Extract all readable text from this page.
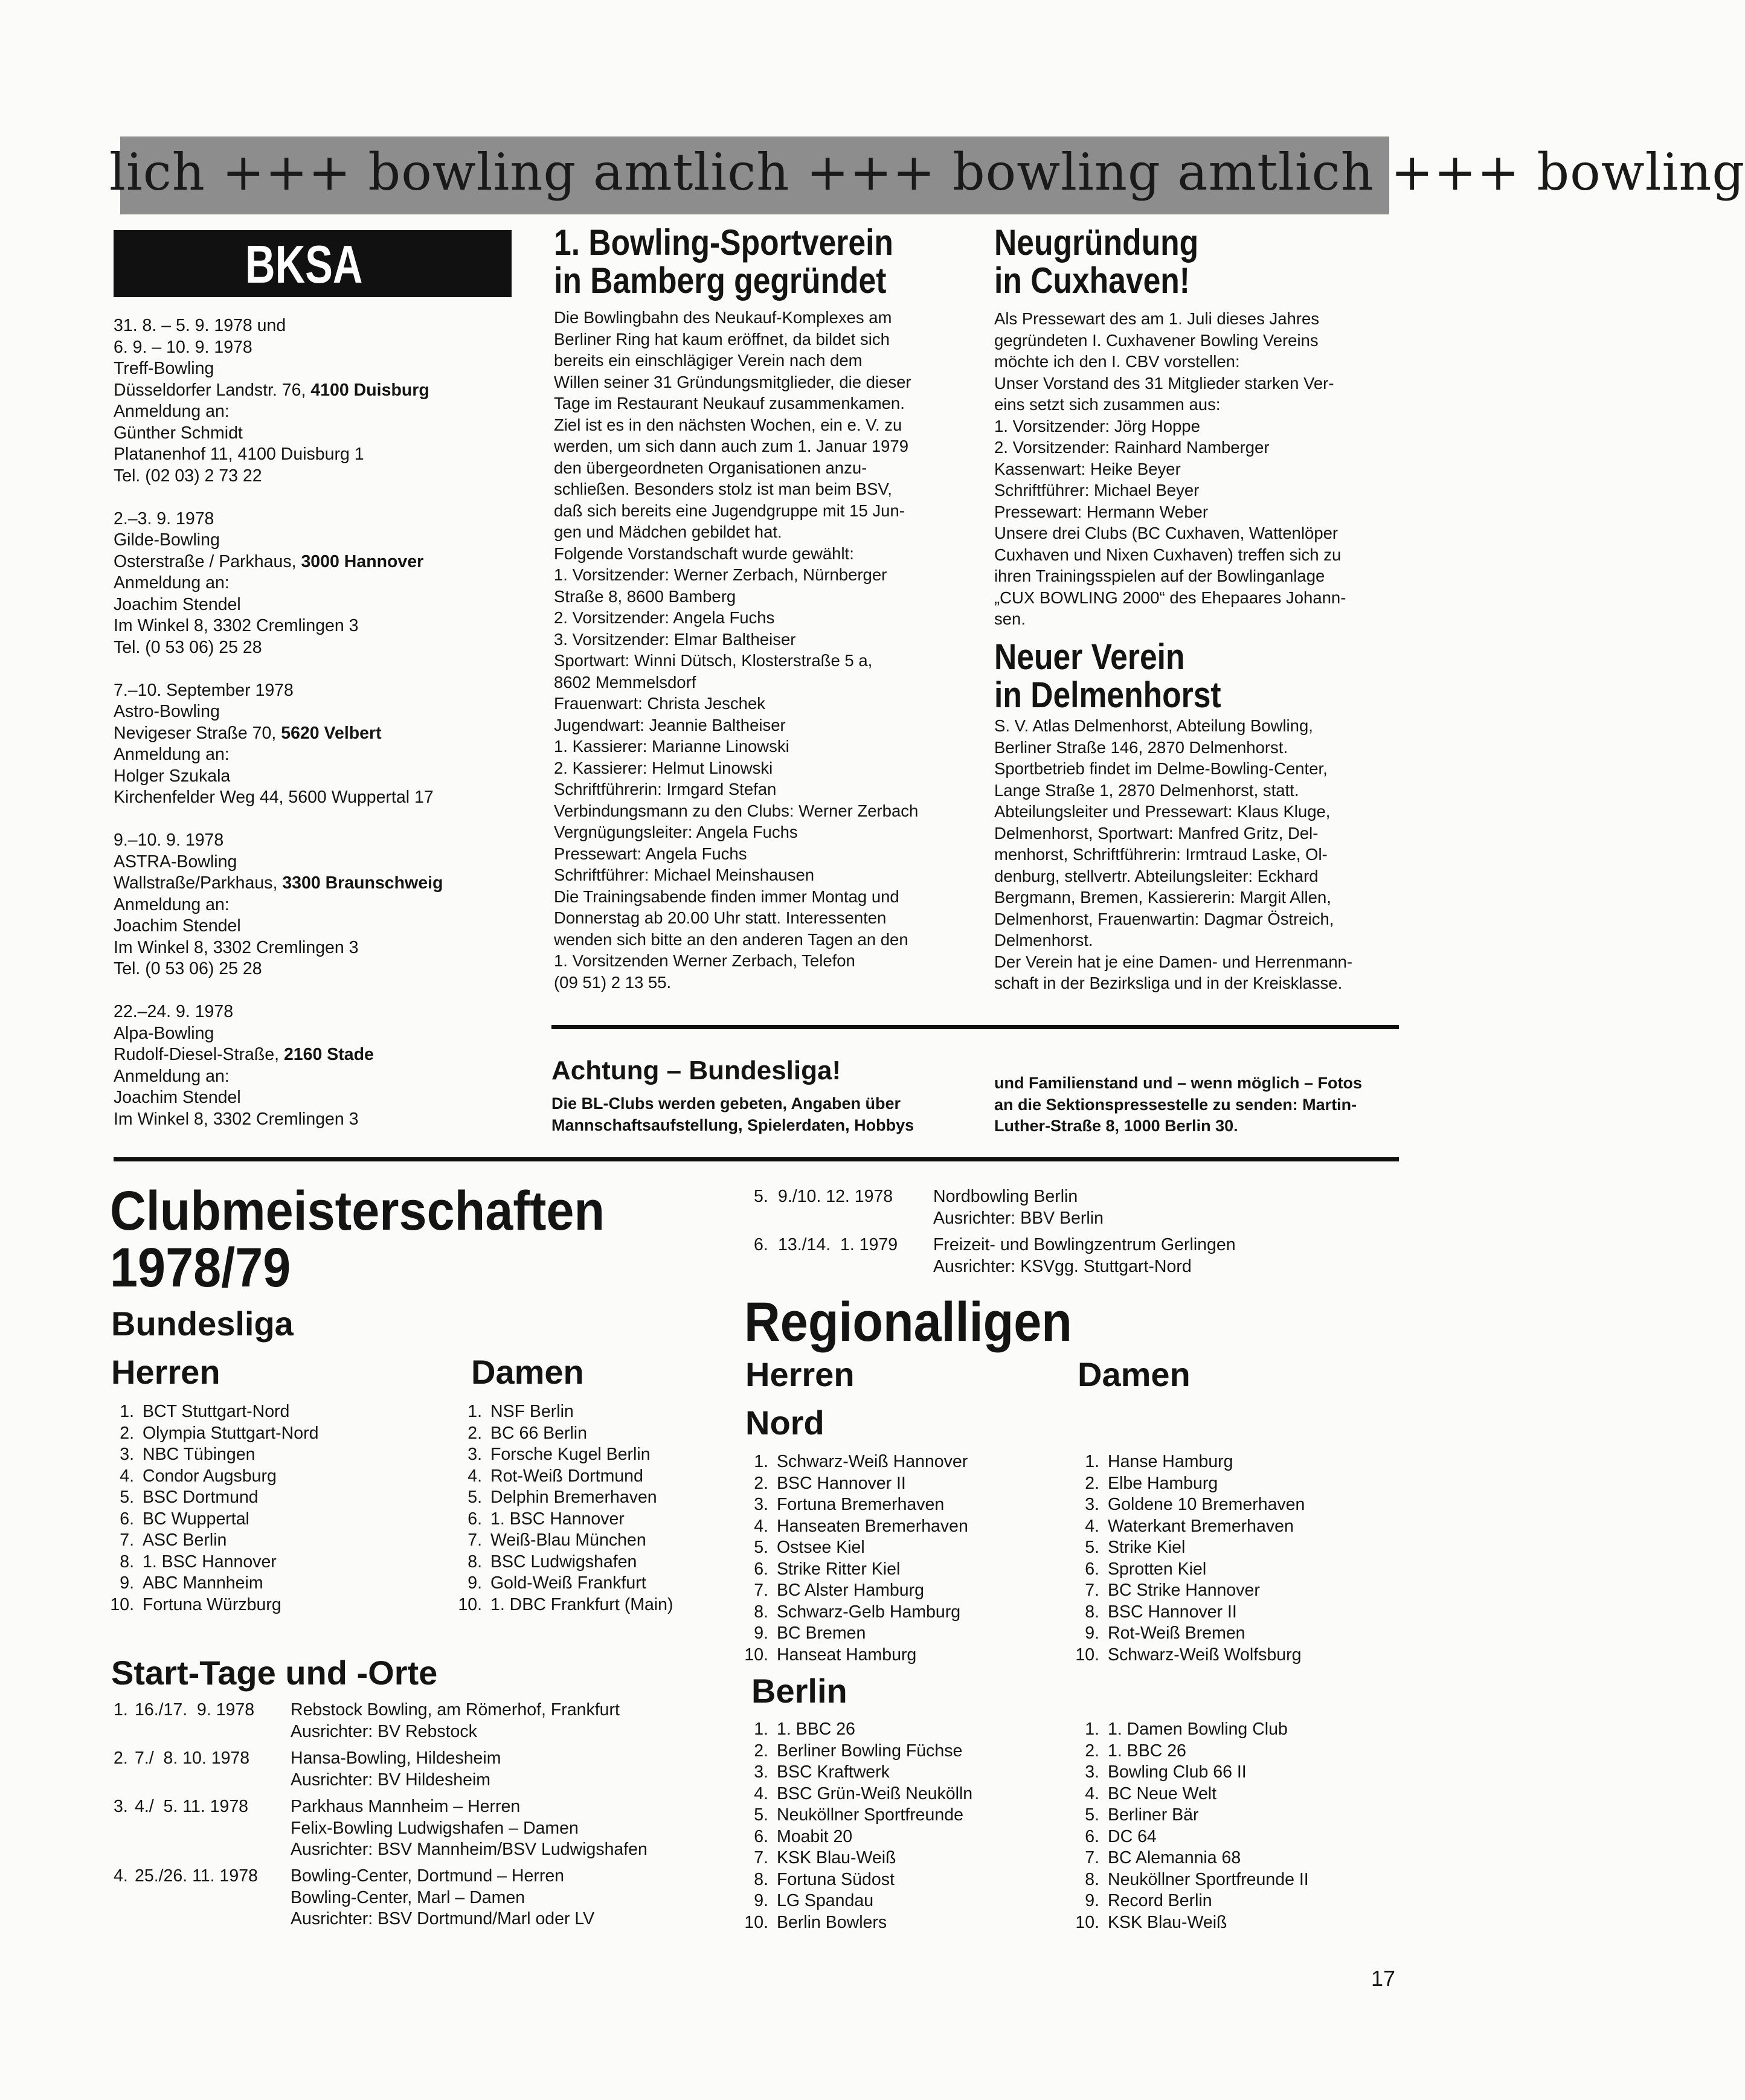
lich +++ bowling amtlich +++ bowling amtlich +++ bowling
BKSA
31. 8. – 5. 9. 1978 und
6. 9. – 10. 9. 1978
Treff-Bowling
Düsseldorfer Landstr. 76, 4100 Duisburg
Anmeldung an:
Günther Schmidt
Platanenhof 11, 4100 Duisburg 1
Tel. (02 03) 2 73 22
2.–3. 9. 1978
Gilde-Bowling
Osterstraße / Parkhaus, 3000 Hannover
Anmeldung an:
Joachim Stendel
Im Winkel 8, 3302 Cremlingen 3
Tel. (0 53 06) 25 28
7.–10. September 1978
Astro-Bowling
Nevigeser Straße 70, 5620 Velbert
Anmeldung an:
Holger Szukala
Kirchenfelder Weg 44, 5600 Wuppertal 17
9.–10. 9. 1978
ASTRA-Bowling
Wallstraße/Parkhaus, 3300 Braunschweig
Anmeldung an:
Joachim Stendel
Im Winkel 8, 3302 Cremlingen 3
Tel. (0 53 06) 25 28
22.–24. 9. 1978
Alpa-Bowling
Rudolf-Diesel-Straße, 2160 Stade
Anmeldung an:
Joachim Stendel
Im Winkel 8, 3302 Cremlingen 3
1. Bowling-Sportverein
in Bamberg gegründet
Die Bowlingbahn des Neukauf-Komplexes am
Berliner Ring hat kaum eröffnet, da bildet sich
bereits ein einschlägiger Verein nach dem
Willen seiner 31 Gründungsmitglieder, die dieser
Tage im Restaurant Neukauf zusammenkamen.
Ziel ist es in den nächsten Wochen, ein e. V. zu
werden, um sich dann auch zum 1. Januar 1979
den übergeordneten Organisationen anzu-
schließen. Besonders stolz ist man beim BSV,
daß sich bereits eine Jugendgruppe mit 15 Jun-
gen und Mädchen gebildet hat.
Folgende Vorstandschaft wurde gewählt:
1. Vorsitzender: Werner Zerbach, Nürnberger
Straße 8, 8600 Bamberg
2. Vorsitzender: Angela Fuchs
3. Vorsitzender: Elmar Baltheiser
Sportwart: Winni Dütsch, Klosterstraße 5 a,
8602 Memmelsdorf
Frauenwart: Christa Jeschek
Jugendwart: Jeannie Baltheiser
1. Kassierer: Marianne Linowski
2. Kassierer: Helmut Linowski
Schriftführerin: Irmgard Stefan
Verbindungsmann zu den Clubs: Werner Zerbach
Vergnügungsleiter: Angela Fuchs
Pressewart: Angela Fuchs
Schriftführer: Michael Meinshausen
Die Trainingsabende finden immer Montag und
Donnerstag ab 20.00 Uhr statt. Interessenten
wenden sich bitte an den anderen Tagen an den
1. Vorsitzenden Werner Zerbach, Telefon
(09 51) 2 13 55.
Neugründung
in Cuxhaven!
Als Pressewart des am 1. Juli dieses Jahres
gegründeten I. Cuxhavener Bowling Vereins
möchte ich den I. CBV vorstellen:
Unser Vorstand des 31 Mitglieder starken Ver-
eins setzt sich zusammen aus:
1. Vorsitzender: Jörg Hoppe
2. Vorsitzender: Rainhard Namberger
Kassenwart: Heike Beyer
Schriftführer: Michael Beyer
Pressewart: Hermann Weber
Unsere drei Clubs (BC Cuxhaven, Wattenlöper
Cuxhaven und Nixen Cuxhaven) treffen sich zu
ihren Trainingsspielen auf der Bowlinganlage
„CUX BOWLING 2000“ des Ehepaares Johann-
sen.
Neuer Verein
in Delmenhorst
S. V. Atlas Delmenhorst, Abteilung Bowling,
Berliner Straße 146, 2870 Delmenhorst.
Sportbetrieb findet im Delme-Bowling-Center,
Lange Straße 1, 2870 Delmenhorst, statt.
Abteilungsleiter und Pressewart: Klaus Kluge,
Delmenhorst, Sportwart: Manfred Gritz, Del-
menhorst, Schriftführerin: Irmtraud Laske, Ol-
denburg, stellvertr. Abteilungsleiter: Eckhard
Bergmann, Bremen, Kassiererin: Margit Allen,
Delmenhorst, Frauenwartin: Dagmar Östreich,
Delmenhorst.
Der Verein hat je eine Damen- und Herrenmann-
schaft in der Bezirksliga und in der Kreisklasse.
Achtung – Bundesliga!
Die BL-Clubs werden gebeten, Angaben über
Mannschaftsaufstellung, Spielerdaten, Hobbys
und Familienstand und – wenn möglich – Fotos
an die Sektionspressestelle zu senden: Martin-
Luther-Straße 8, 1000 Berlin 30.
Clubmeisterschaften
1978/79
Bundesliga
Herren	Damen
1. BCT Stuttgart-Nord
2. Olympia Stuttgart-Nord
3. NBC Tübingen
4. Condor Augsburg
5. BSC Dortmund
6. BC Wuppertal
7. ASC Berlin
8. 1. BSC Hannover
9. ABC Mannheim
10. Fortuna Würzburg
1. NSF Berlin
2. BC 66 Berlin
3. Forsche Kugel Berlin
4. Rot-Weiß Dortmund
5. Delphin Bremerhaven
6. 1. BSC Hannover
7. Weiß-Blau München
8. BSC Ludwigshafen
9. Gold-Weiß Frankfurt
10. 1. DBC Frankfurt (Main)
Start-Tage und -Orte
1. 16./17.  9. 1978 Rebstock Bowling, am Römerhof, Frankfurt
Ausrichter: BV Rebstock
2. 7./  8. 10. 1978 Hansa-Bowling, Hildesheim
Ausrichter: BV Hildesheim
3. 4./  5. 11. 1978 Parkhaus Mannheim – Herren
Felix-Bowling Ludwigshafen – Damen
Ausrichter: BSV Mannheim/BSV Ludwigshafen
4. 25./26. 11. 1978 Bowling-Center, Dortmund – Herren
Bowling-Center, Marl – Damen
Ausrichter: BSV Dortmund/Marl oder LV
5. 9./10. 12. 1978 Nordbowling Berlin
Ausrichter: BBV Berlin
6. 13./14.  1. 1979 Freizeit- und Bowlingzentrum Gerlingen
Ausrichter: KSVgg. Stuttgart-Nord
Regionalligen
Herren	Damen
Nord
1. Schwarz-Weiß Hannover
2. BSC Hannover II
3. Fortuna Bremerhaven
4. Hanseaten Bremerhaven
5. Ostsee Kiel
6. Strike Ritter Kiel
7. BC Alster Hamburg
8. Schwarz-Gelb Hamburg
9. BC Bremen
10. Hanseat Hamburg
1. Hanse Hamburg
2. Elbe Hamburg
3. Goldene 10 Bremerhaven
4. Waterkant Bremerhaven
5. Strike Kiel
6. Sprotten Kiel
7. BC Strike Hannover
8. BSC Hannover II
9. Rot-Weiß Bremen
10. Schwarz-Weiß Wolfsburg
Berlin
1. 1. BBC 26
2. Berliner Bowling Füchse
3. BSC Kraftwerk
4. BSC Grün-Weiß Neukölln
5. Neuköllner Sportfreunde
6. Moabit 20
7. KSK Blau-Weiß
8. Fortuna Südost
9. LG Spandau
10. Berlin Bowlers
1. 1. Damen Bowling Club
2. 1. BBC 26
3. Bowling Club 66 II
4. BC Neue Welt
5. Berliner Bär
6. DC 64
7. BC Alemannia 68
8. Neuköllner Sportfreunde II
9. Record Berlin
10. KSK Blau-Weiß
17
